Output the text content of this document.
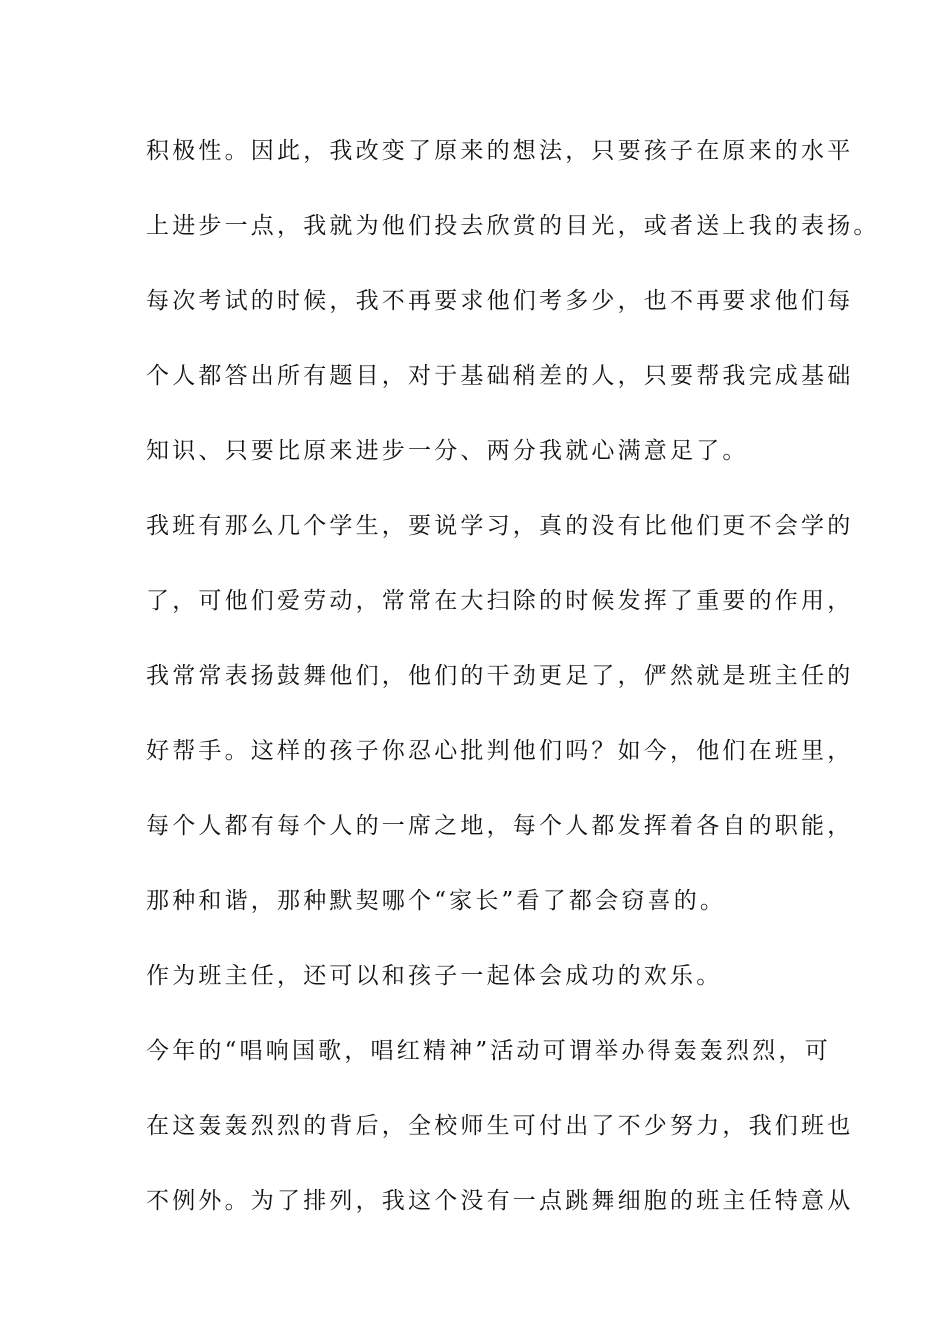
积极性。因此，我改变了原来的想法，只要孩子在原来的水平
上进步一点，我就为他们投去欣赏的目光，或者送上我的表扬。
每次考试的时候，我不再要求他们考多少，也不再要求他们每
个人都答出所有题目，对于基础稍差的人，只要帮我完成基础
知识、只要比原来进步一分、两分我就心满意足了。
我班有那么几个学生，要说学习，真的没有比他们更不会学的
了，可他们爱劳动，常常在大扫除的时候发挥了重要的作用，
我常常表扬鼓舞他们，他们的干劲更足了，俨然就是班主任的
好帮手。这样的孩子你忍心批判他们吗？如今，他们在班里，
每个人都有每个人的一席之地，每个人都发挥着各自的职能，
那种和谐，那种默契哪个“家长”看了都会窃喜的。
作为班主任，还可以和孩子一起体会成功的欢乐。
今年的“唱响国歌，唱红精神”活动可谓举办得轰轰烈烈，可
在这轰轰烈烈的背后，全校师生可付出了不少努力，我们班也
不例外。为了排列，我这个没有一点跳舞细胞的班主任特意从
